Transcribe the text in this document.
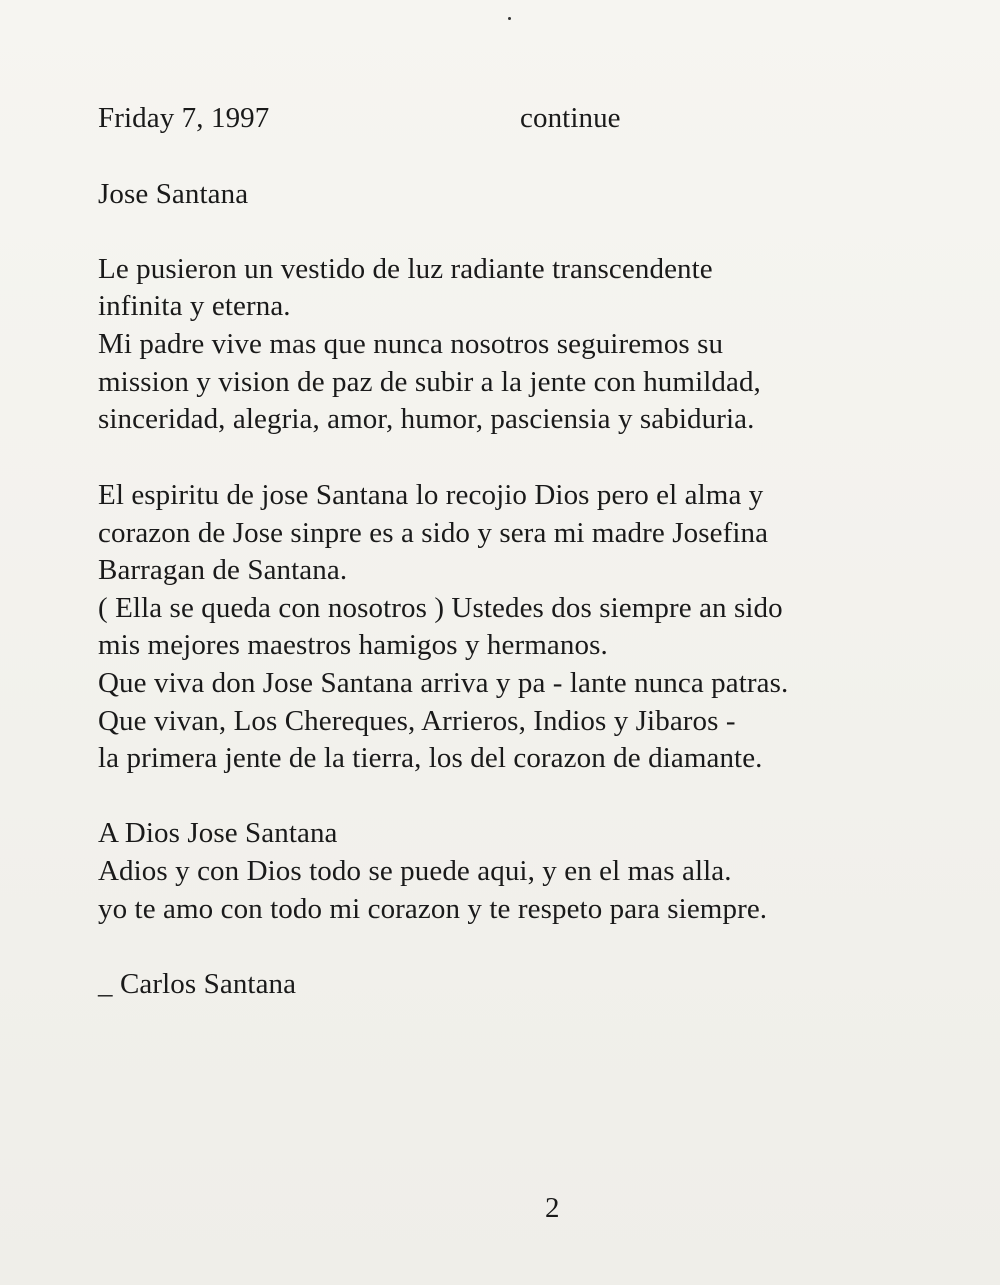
Friday 7, 1997	continue
Jose Santana
Le pusieron un vestido de luz radiante transcendente
infinita y eterna.
Mi padre vive mas que nunca nosotros seguiremos su
mission y vision de paz de subir a la jente con humildad,
sinceridad, alegria, amor, humor, pasciensia y sabiduria.
El espiritu de jose Santana lo recojio Dios pero el alma y
corazon de Jose sinpre es a sido y sera mi madre Josefina
Barragan de Santana.
( Ella se queda con nosotros ) Ustedes dos siempre an sido
mis mejores maestros hamigos y hermanos.
Que viva don Jose Santana arriva y pa - lante nunca patras.
Que vivan, Los Chereques, Arrieros, Indios y Jibaros -
la primera jente de la tierra, los del corazon de diamante.
A Dios Jose Santana
Adios y con Dios todo se puede aqui, y en el mas alla.
yo te amo con todo mi corazon y te respeto para siempre.
_ Carlos Santana
2
